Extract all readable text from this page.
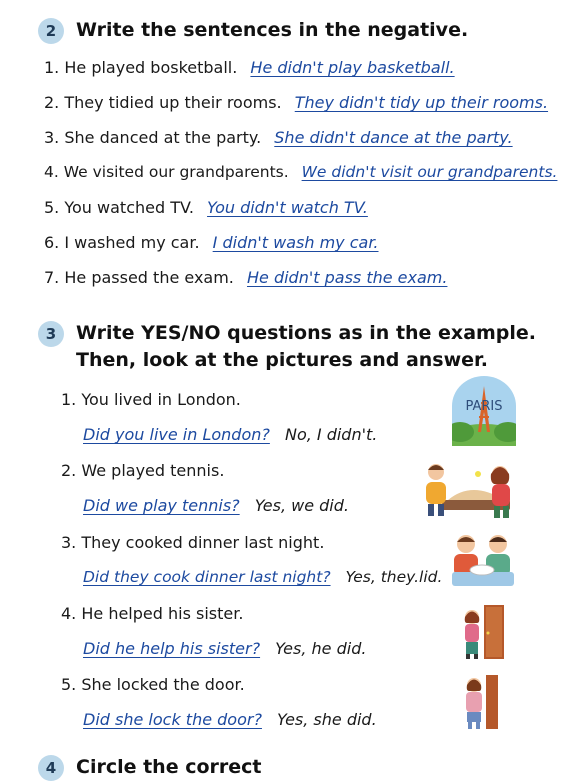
2	Write the sentences in the negative.
1. He played bosketball. He didn't play basketball.
2. They tidied up their rooms. They didn't tidy up their rooms.
3. She danced at the party. She didn't dance at the party.
4. We visited our grandparents. We didn't visit our grandparents.
5. You watched TV. You didn't watch TV.
6. I washed my car. I didn't wash my car.
7. He passed the exam. He didn't pass the exam.
3	Write YES/NO questions as in the example.
Then, look at the pictures and answer.
1. You lived in London.
Did you live in London? No, I didn't.
2. We played tennis.
Did we play tennis? Yes, we did.
3. They cooked dinner last night.
Did they cook dinner last night? Yes, they.lid.
4. He helped his sister.
Did he help his sister? Yes, he did.
5. She locked the door.
Did she lock the door? Yes, she did.
PARIS
4	Circle the correct
